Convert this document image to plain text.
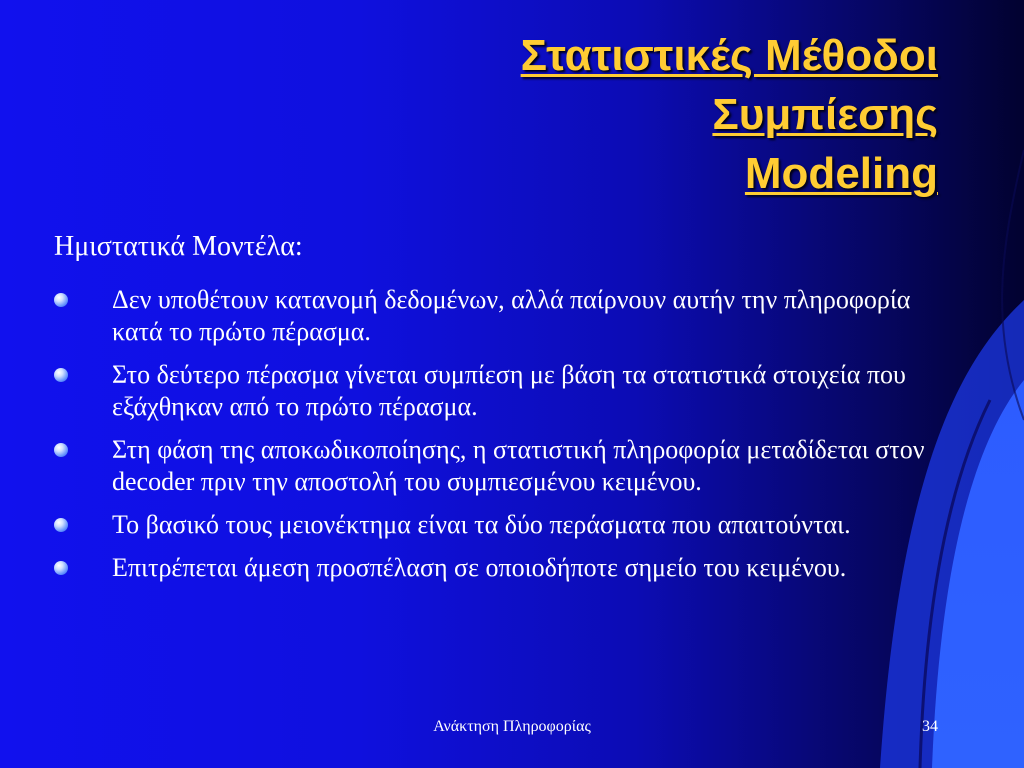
Στατιστικές Μέθοδοι
Συμπίεσης
Modeling
Ημιστατικά Μοντέλα:
Δεν υποθέτουν κατανομή δεδομένων, αλλά παίρνουν αυτήν την πληροφορία κατά το πρώτο πέρασμα.
Στο δεύτερο πέρασμα γίνεται συμπίεση με βάση τα στατιστικά στοιχεία που εξάχθηκαν από το πρώτο πέρασμα.
Στη φάση της αποκωδικοποίησης, η στατιστική πληροφορία μεταδίδεται στον decoder πριν την αποστολή του συμπιεσμένου κειμένου.
Το βασικό τους μειονέκτημα είναι τα δύο περάσματα που απαιτούνται.
Επιτρέπεται άμεση προσπέλαση σε οποιοδήποτε σημείο του κειμένου.
Ανάκτηση Πληροφορίας	34
